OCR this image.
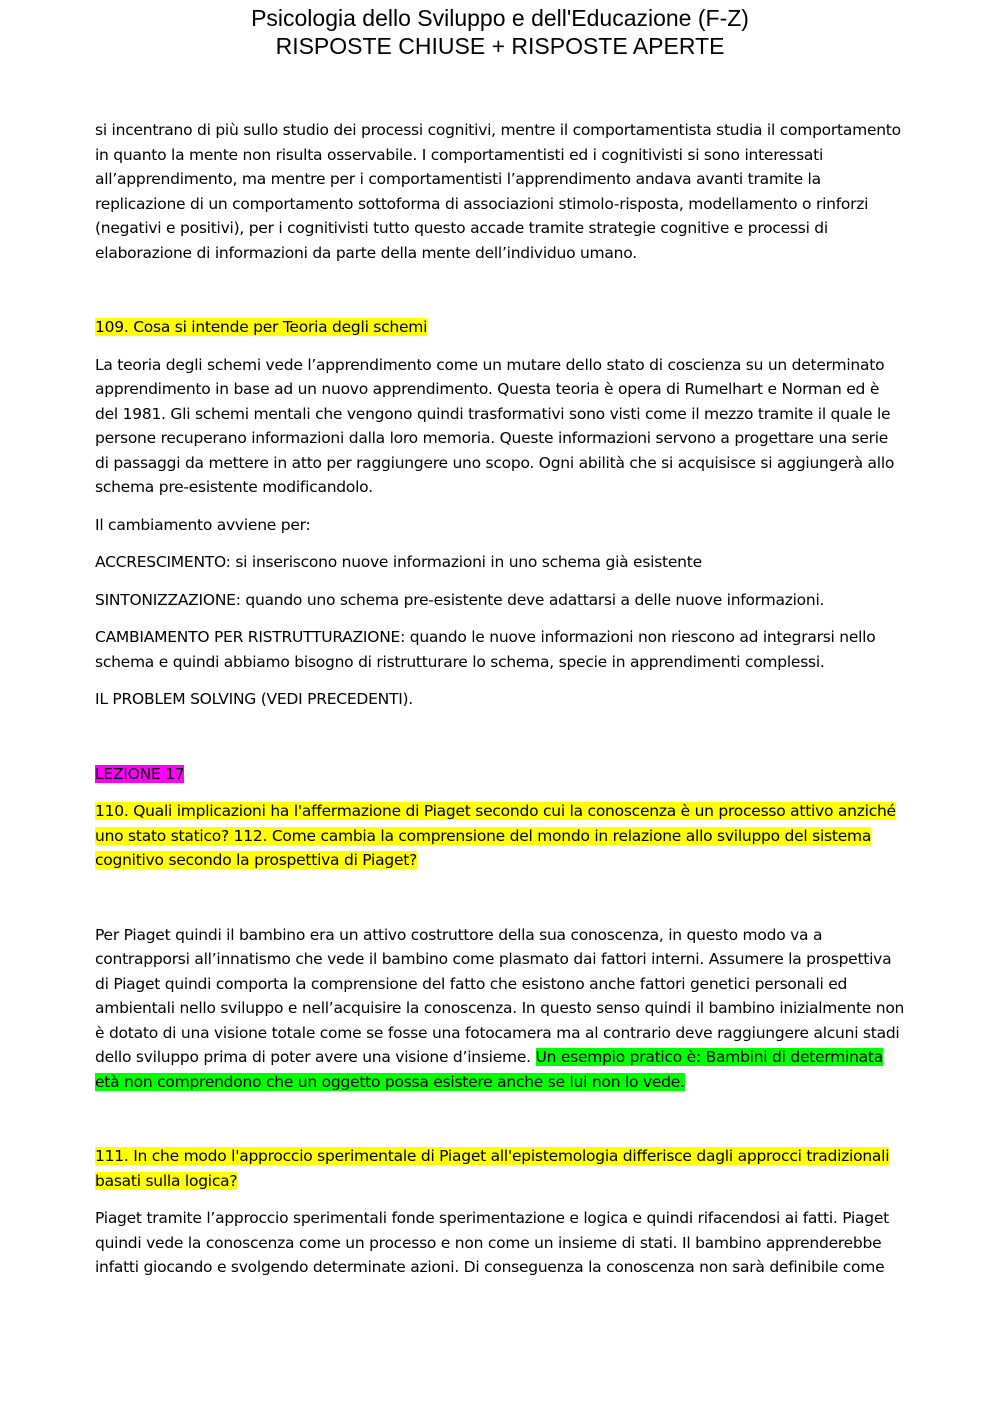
Psicologia dello Sviluppo e dell'Educazione (F-Z)
RISPOSTE CHIUSE + RISPOSTE APERTE

si incentrano di più sullo studio dei processi cognitivi, mentre il comportamentista studia il comportamento in quanto la mente non risulta osservabile. I comportamentisti ed i cognitivisti si sono interessati all’apprendimento, ma mentre per i comportamentisti l’apprendimento andava avanti tramite la replicazione di un comportamento sottoforma di associazioni stimolo-risposta, modellamento o rinforzi (negativi e positivi), per i cognitivisti tutto questo accade tramite strategie cognitive e processi di elaborazione di informazioni da parte della mente dell’individuo umano.

109. Cosa si intende per Teoria degli schemi

La teoria degli schemi vede l’apprendimento come un mutare dello stato di coscienza su un determinato apprendimento in base ad un nuovo apprendimento. Questa teoria è opera di Rumelhart e Norman ed è del 1981. Gli schemi mentali che vengono quindi trasformativi sono visti come il mezzo tramite il quale le persone recuperano informazioni dalla loro memoria. Queste informazioni servono a progettare una serie di passaggi da mettere in atto per raggiungere uno scopo. Ogni abilità che si acquisisce si aggiungerà allo schema pre-esistente modificandolo.

Il cambiamento avviene per:

ACCRESCIMENTO: si inseriscono nuove informazioni in uno schema già esistente

SINTONIZZAZIONE: quando uno schema pre-esistente deve adattarsi a delle nuove informazioni.

CAMBIAMENTO PER RISTRUTTURAZIONE: quando le nuove informazioni non riescono ad integrarsi nello schema e quindi abbiamo bisogno di ristrutturare lo schema, specie in apprendimenti complessi.

IL PROBLEM SOLVING (VEDI PRECEDENTI).

LEZIONE 17

110. Quali implicazioni ha l'affermazione di Piaget secondo cui la conoscenza è un processo attivo anziché uno stato statico? 112. Come cambia la comprensione del mondo in relazione allo sviluppo del sistema cognitivo secondo la prospettiva di Piaget?

Per Piaget quindi il bambino era un attivo costruttore della sua conoscenza, in questo modo va a contrapporsi all’innatismo che vede il bambino come plasmato dai fattori interni. Assumere la prospettiva di Piaget quindi comporta la comprensione del fatto che esistono anche fattori genetici personali ed ambientali nello sviluppo e nell’acquisire la conoscenza. In questo senso quindi il bambino inizialmente non è dotato di una visione totale come se fosse una fotocamera ma al contrario deve raggiungere alcuni stadi dello sviluppo prima di poter avere una visione d’insieme. Un esempio pratico è: Bambini di determinata età non comprendono che un oggetto possa esistere anche se lui non lo vede.

111. In che modo l'approccio sperimentale di Piaget all'epistemologia differisce dagli approcci tradizionali basati sulla logica?

Piaget tramite l’approccio sperimentali fonde sperimentazione e logica e quindi rifacendosi ai fatti. Piaget quindi vede la conoscenza come un processo e non come un insieme di stati. Il bambino apprenderebbe infatti giocando e svolgendo determinate azioni. Di conseguenza la conoscenza non sarà definibile come
